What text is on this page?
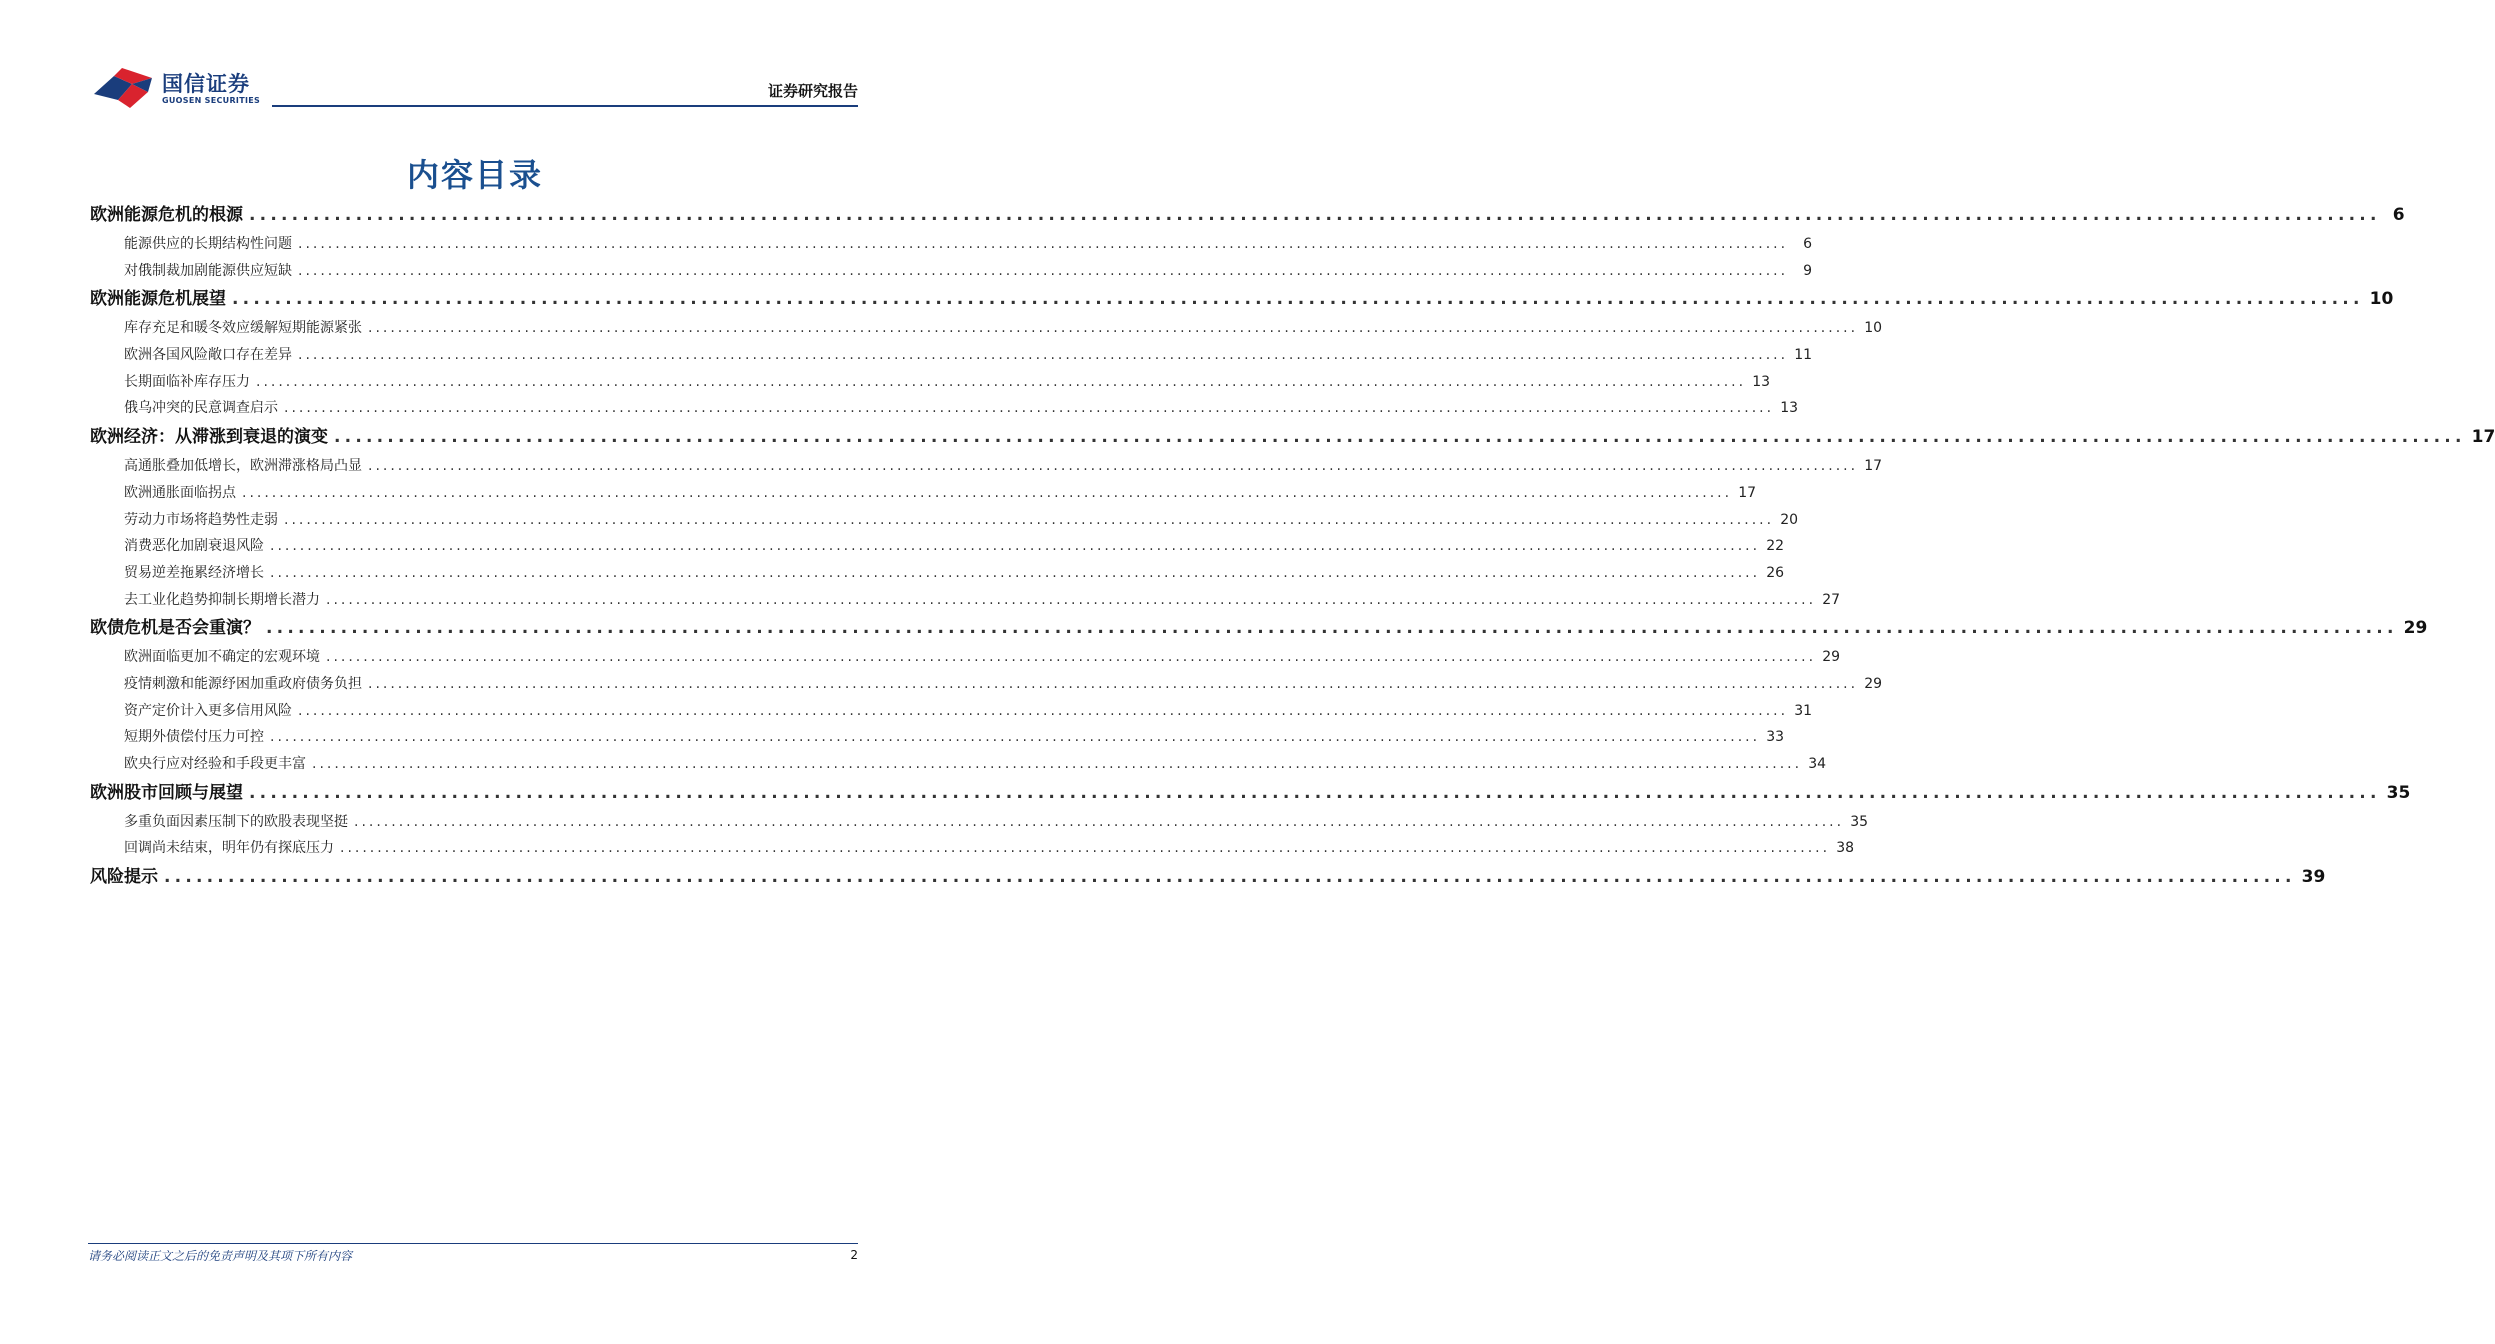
国信证券
GUOSEN SECURITIES
证券研究报告
内容目录
欧洲能源危机的根源 ........................................................................................................................................................................................................ 6
能源供应的长期结构性问题 ........................................................................................................................................................................................................	6
对俄制裁加剧能源供应短缺 ........................................................................................................................................................................................................	9
欧洲能源危机展望 ........................................................................................................................................................................................................ 10
库存充足和暖冬效应缓解短期能源紧张 ........................................................................................................................................................................................................ 10
欧洲各国风险敞口存在差异 ........................................................................................................................................................................................................ 11
长期面临补库存压力 ........................................................................................................................................................................................................ 13
俄乌冲突的民意调查启示 ........................................................................................................................................................................................................ 13
欧洲经济：从滞涨到衰退的演变 ........................................................................................................................................................................................................ 17
高通胀叠加低增长，欧洲滞涨格局凸显 ........................................................................................................................................................................................................ 17
欧洲通胀面临拐点 ........................................................................................................................................................................................................ 17
劳动力市场将趋势性走弱 ........................................................................................................................................................................................................ 20
消费恶化加剧衰退风险 ........................................................................................................................................................................................................ 22
贸易逆差拖累经济增长 ........................................................................................................................................................................................................ 26
去工业化趋势抑制长期增长潜力 ........................................................................................................................................................................................................ 27
欧债危机是否会重演？ ........................................................................................................................................................................................................ 29
欧洲面临更加不确定的宏观环境 ........................................................................................................................................................................................................ 29
疫情刺激和能源纾困加重政府债务负担 ........................................................................................................................................................................................................ 29
资产定价计入更多信用风险 ........................................................................................................................................................................................................ 31
短期外债偿付压力可控 ........................................................................................................................................................................................................ 33
欧央行应对经验和手段更丰富 ........................................................................................................................................................................................................ 34
欧洲股市回顾与展望 ........................................................................................................................................................................................................ 35
多重负面因素压制下的欧股表现坚挺 ........................................................................................................................................................................................................ 35
回调尚未结束，明年仍有探底压力 ........................................................................................................................................................................................................ 38
风险提示 ........................................................................................................................................................................................................ 39
请务必阅读正文之后的免责声明及其项下所有内容	2
